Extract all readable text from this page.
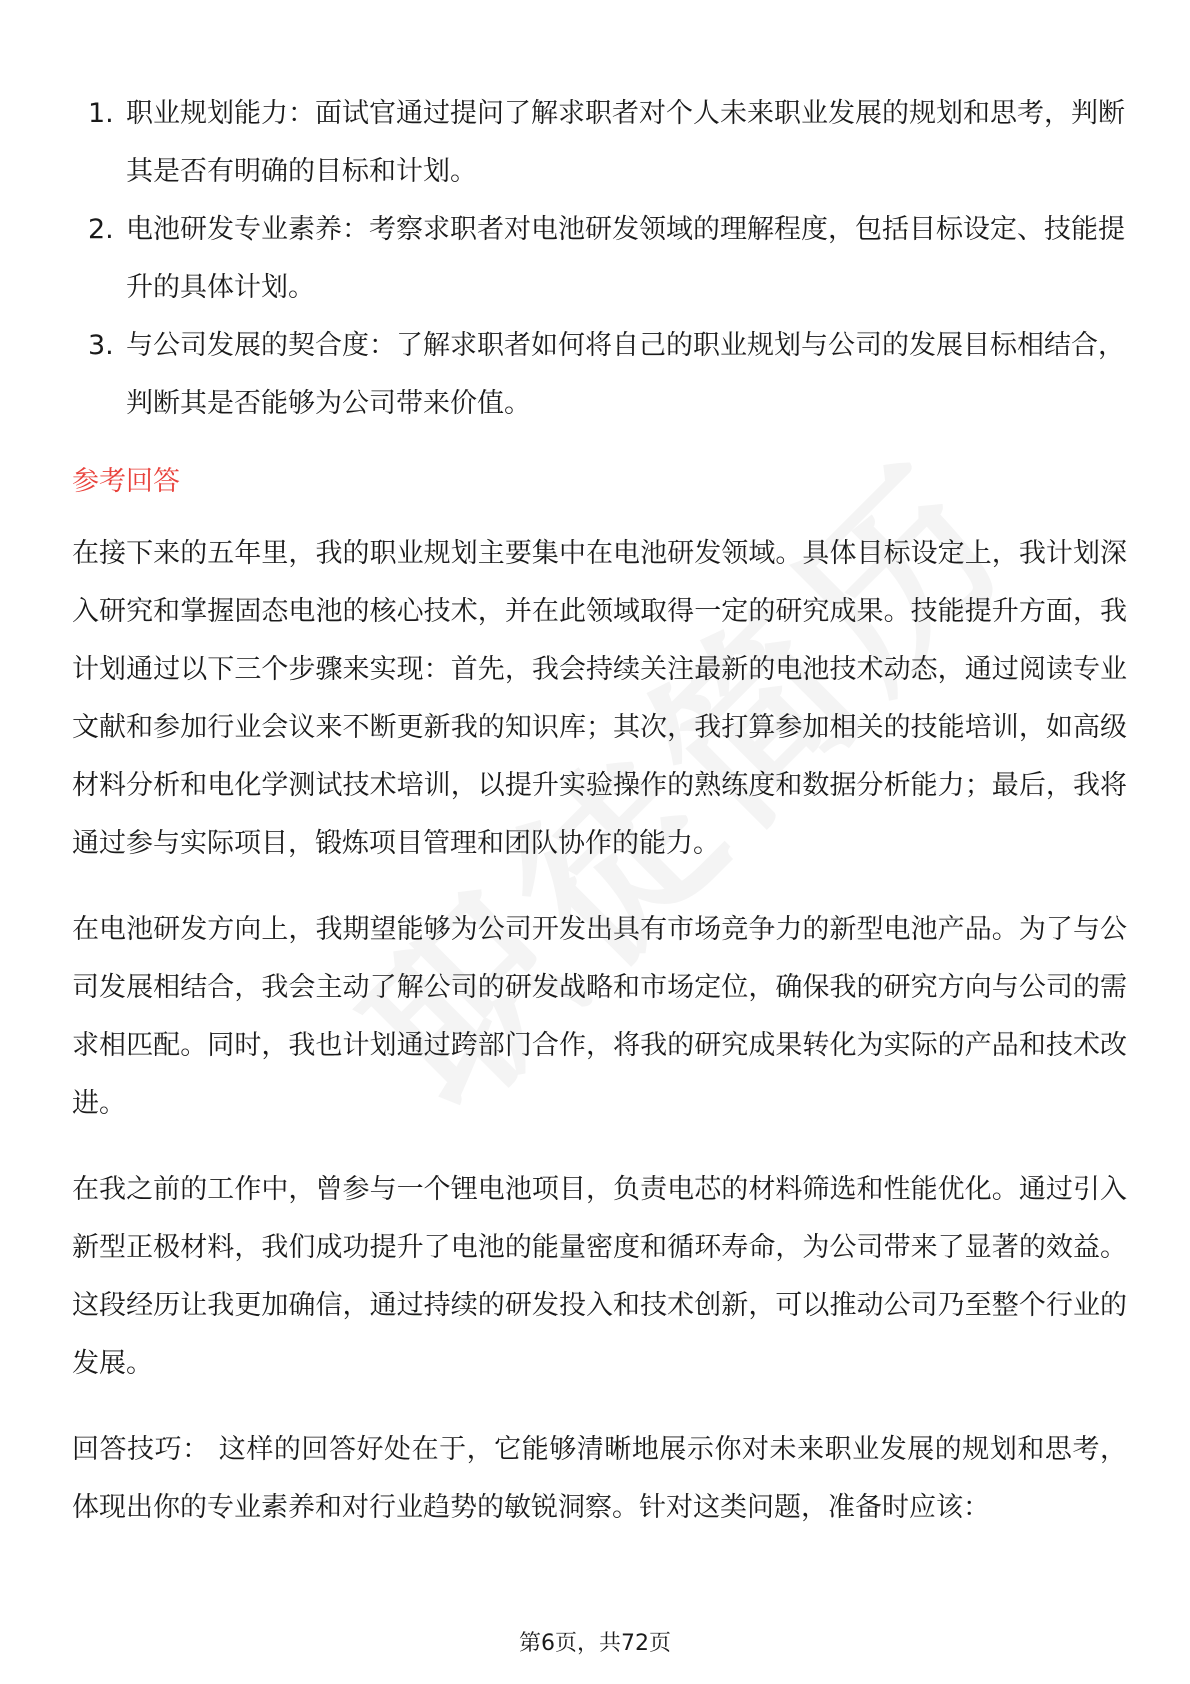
1. 职业规划能力：面试官通过提问了解求职者对个人未来职业发展的规划和思考，判断其是否有明确的目标和计划。
2. 电池研发专业素养：考察求职者对电池研发领域的理解程度，包括目标设定、技能提升的具体计划。
3. 与公司发展的契合度：了解求职者如何将自己的职业规划与公司的发展目标相结合，判断其是否能够为公司带来价值。
参考回答

在接下来的五年里，我的职业规划主要集中在电池研发领域。具体目标设定上，我计划深入研究和掌握固态电池的核心技术，并在此领域取得一定的研究成果。技能提升方面，我计划通过以下三个步骤来实现：首先，我会持续关注最新的电池技术动态，通过阅读专业文献和参加行业会议来不断更新我的知识库；其次，我打算参加相关的技能培训，如高级材料分析和电化学测试技术培训，以提升实验操作的熟练度和数据分析能力；最后，我将通过参与实际项目，锻炼项目管理和团队协作的能力。

在电池研发方向上，我期望能够为公司开发出具有市场竞争力的新型电池产品。为了与公司发展相结合，我会主动了解公司的研发战略和市场定位，确保我的研究方向与公司的需求相匹配。同时，我也计划通过跨部门合作，将我的研究成果转化为实际的产品和技术改进。

在我之前的工作中，曾参与一个锂电池项目，负责电芯的材料筛选和性能优化。通过引入新型正极材料，我们成功提升了电池的能量密度和循环寿命，为公司带来了显著的效益。这段经历让我更加确信，通过持续的研发投入和技术创新，可以推动公司乃至整个行业的发展。

回答技巧： 这样的回答好处在于，它能够清晰地展示你对未来职业发展的规划和思考，体现出你的专业素养和对行业趋势的敏锐洞察。针对这类问题，准备时应该：

第6页，共72页
